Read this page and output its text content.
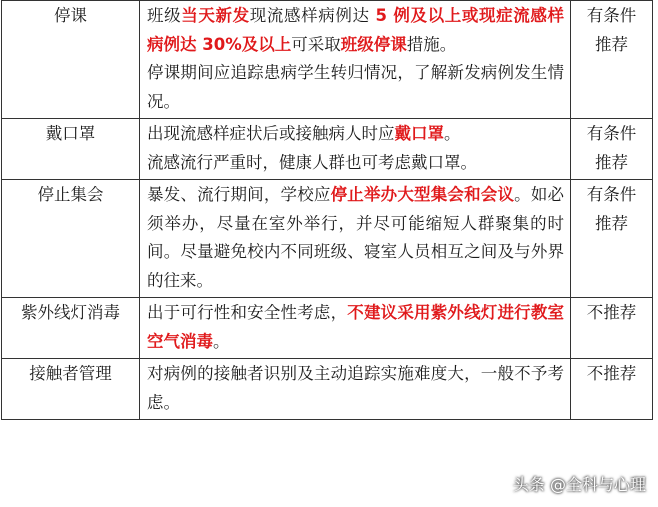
停课	班级当天新发现流感样病例达 5 例及以上或现症流感样病例达 30%及以上可采取班级停课措施。
停课期间应追踪患病学生转归情况，了解新发病例发生情况。	有条件
推荐

戴口罩	出现流感样症状后或接触病人时应戴口罩。
流感流行严重时，健康人群也可考虑戴口罩。	有条件
推荐

停止集会	暴发、流行期间，学校应停止举办大型集会和会议。如必须举办，尽量在室外举行，并尽可能缩短人群聚集的时间。尽量避免校内不同班级、寝室人员相互之间及与外界的往来。	有条件
推荐

紫外线灯消毒	出于可行性和安全性考虑，不建议采用紫外线灯进行教室空气消毒。	不推荐

接触者管理	对病例的接触者识别及主动追踪实施难度大，一般不予考虑。	不推荐
头条 @全科与心理
